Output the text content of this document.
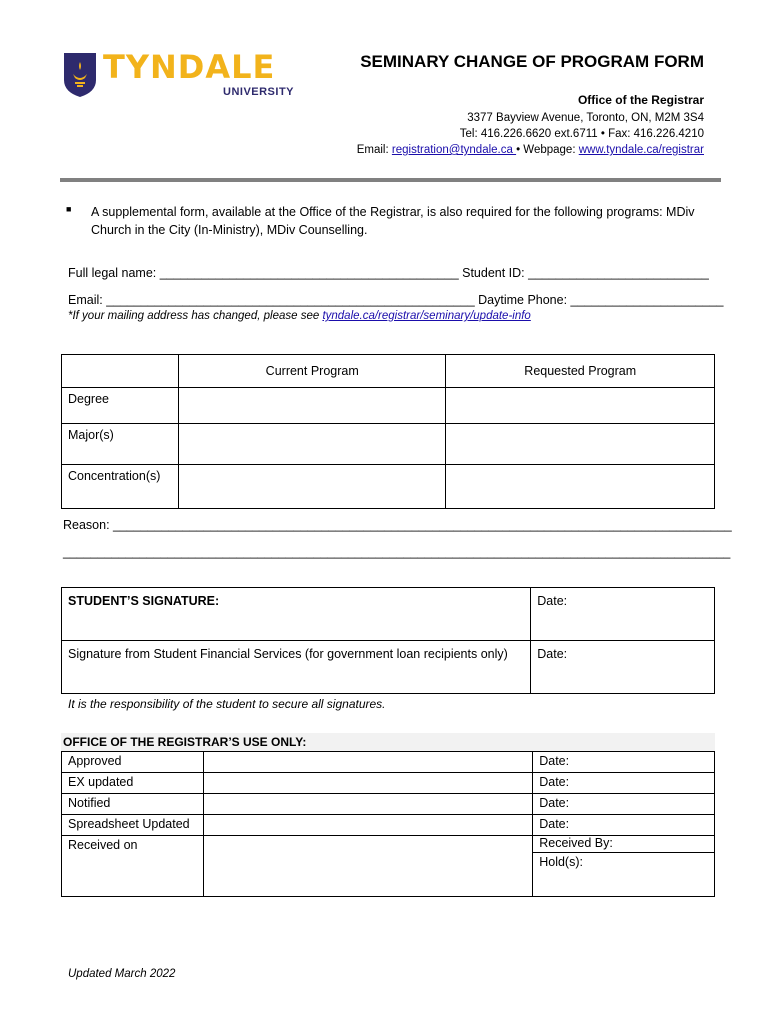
TYNDALE
UNIVERSITY
SEMINARY CHANGE OF PROGRAM FORM
Office of the Registrar
3377 Bayview Avenue, Toronto, ON, M2M 3S4
Tel: 416.226.6620 ext.6711 • Fax: 416.226.4210
Email: registration@tyndale.ca • Webpage: www.tyndale.ca/registrar
■ A supplemental form, available at the Office of the Registrar, is also required for the following programs: MDiv Church in the City (In-Ministry), MDiv Counselling.
Full legal name: ___________________________________________ Student ID: __________________________
Email: _____________________________________________________ Daytime Phone: ______________________
*If your mailing address has changed, please see tyndale.ca/registrar/seminary/update-info
	Current Program	Requested Program
Degree		
Major(s)		
Concentration(s)		
Reason: _________________________________________________________________________________________
________________________________________________________________________________________________
STUDENT’S SIGNATURE:	Date:
Signature from Student Financial Services (for government loan recipients only)	Date:
It is the responsibility of the student to secure all signatures.
OFFICE OF THE REGISTRAR’S USE ONLY:
Approved		Date:
EX updated		Date:
Notified		Date:
Spreadsheet Updated		Date:
Received on		Received By:
Hold(s):
Updated March 2022
